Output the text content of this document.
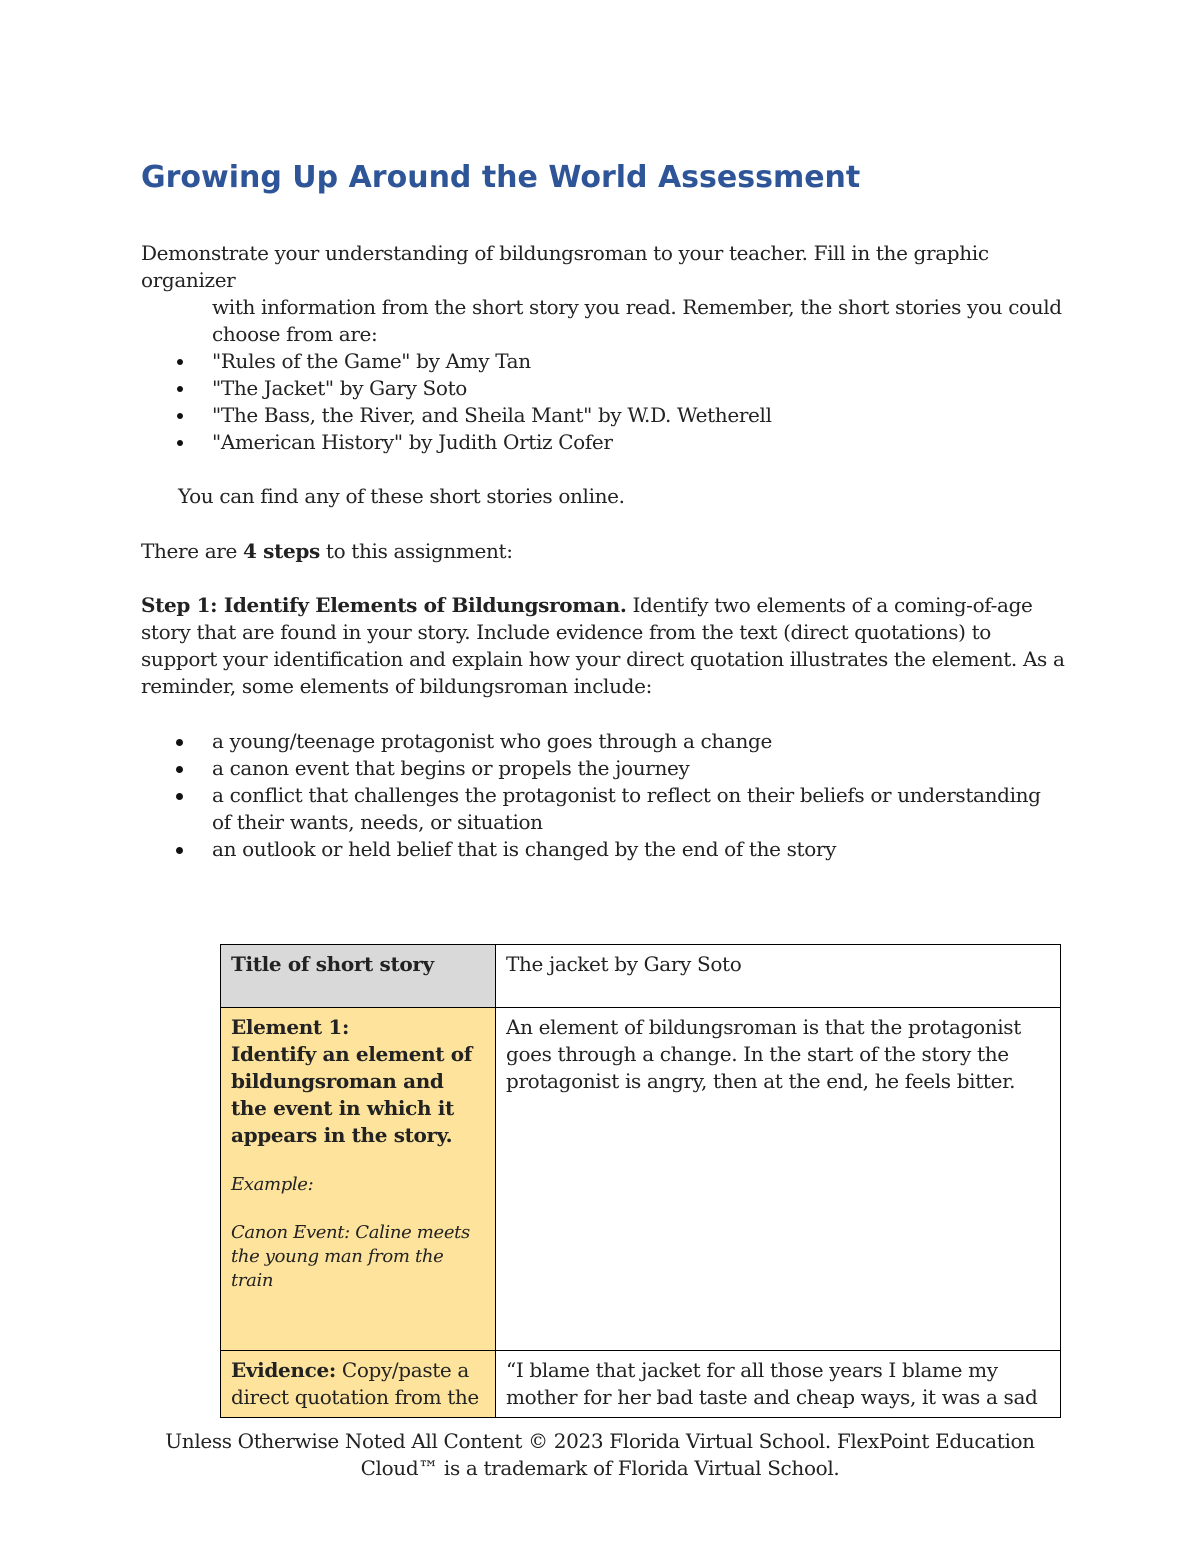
Growing Up Around the World Assessment

Demonstrate your understanding of bildungsroman to your teacher. Fill in the graphic organizer
with information from the short story you read. Remember, the short stories you could
choose from are:

"Rules of the Game" by Amy Tan
"The Jacket" by Gary Soto
"The Bass, the River, and Sheila Mant" by W.D. Wetherell
"American History" by Judith Ortiz Cofer

You can find any of these short stories online.

There are 4 steps to this assignment:

Step 1: Identify Elements of Bildungsroman. Identify two elements of a coming-of-age story that are found in your story. Include evidence from the text (direct quotations) to support your identification and explain how your direct quotation illustrates the element. As a reminder, some elements of bildungsroman include:

a young/teenage protagonist who goes through a change
a canon event that begins or propels the journey
a conflict that challenges the protagonist to reflect on their beliefs or understanding of their wants, needs, or situation
an outlook or held belief that is changed by the end of the story
Title of short story	The jacket by Gary Soto

Element 1:
Identify an element of bildungsroman and the event in which it appears in the story.
Example:
Canon Event: Caline meets the young man from the train	An element of bildungsroman is that the protagonist goes through a change. In the start of the story the protagonist is angry, then at the end, he feels bitter.
Evidence: Copy/paste a direct quotation from the	“I blame that jacket for all those years I blame my mother for her bad taste and cheap ways, it was a sad

Unless Otherwise Noted All Content © 2023 Florida Virtual School. FlexPoint Education Cloud™ is a trademark of Florida Virtual School.
